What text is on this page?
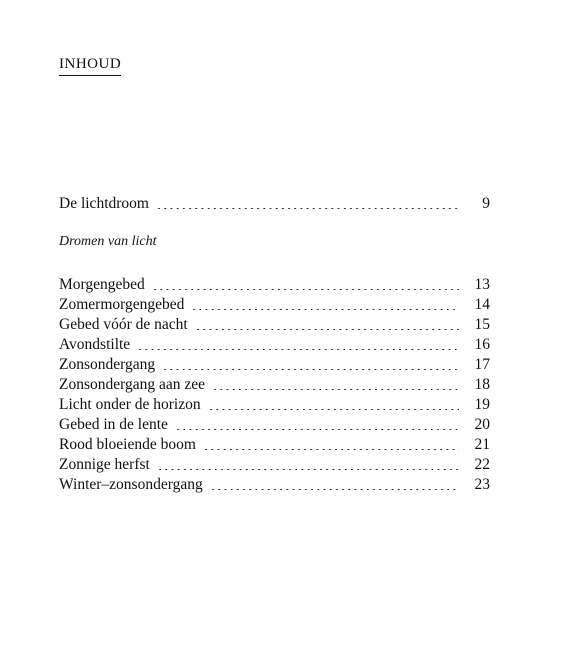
INHOUD
De lichtdroom	9
Dromen van licht
Morgengebed	13
Zomermorgengebed	14
Gebed vóór de nacht	15
Avondstilte	16
Zonsondergang	17
Zonsondergang aan zee	18
Licht onder de horizon	19
Gebed in de lente	20
Rood bloeiende boom	21
Zonnige herfst	22
Winter–zonsondergang	23
